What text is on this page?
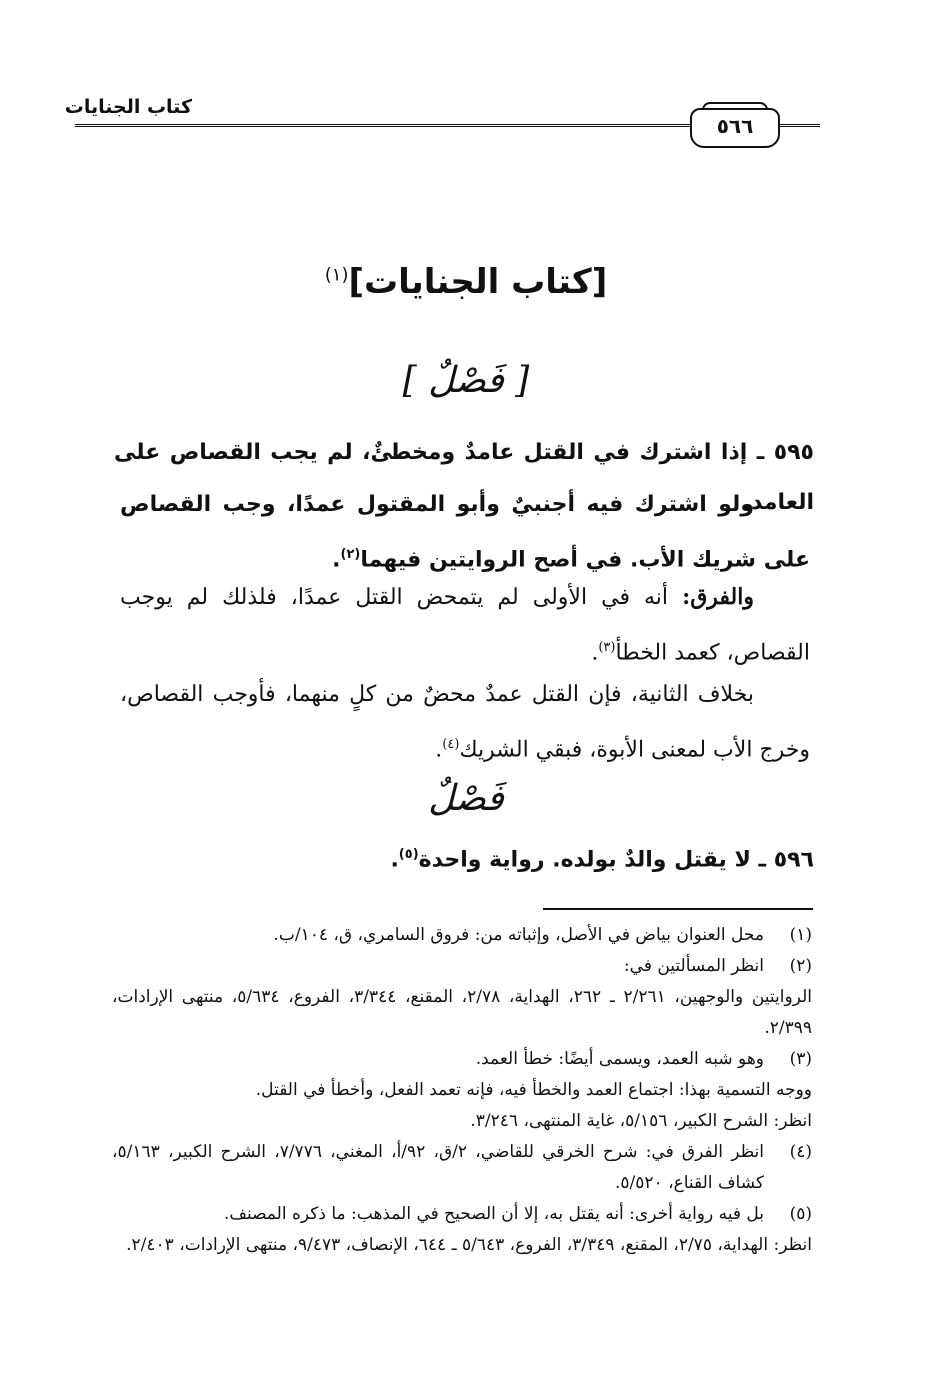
كتاب الجنايات
٥٦٦
[كتاب الجنايات]$^{(١)}$
[ فَصْلٌ ]
٥٩٥ ـ إذا اشترك في القتل عامدٌ ومخطئٌ، لم يجب القصاص على العامد.
ولو اشترك فيه أجنبيٌ وأبو المقتول عمدًا، وجب القصاص على شريك الأب. في أصح الروايتين فيهما$^{(٢)}$.
والفرق: أنه في الأولى لم يتمحض القتل عمدًا، فلذلك لم يوجب القصاص، كعمد الخطأ$^{(٣)}$.
بخلاف الثانية، فإن القتل عمدٌ محضٌ من كلٍ منهما، فأوجب القصاص، وخرج الأب لمعنى الأبوة، فبقي الشريك$^{(٤)}$.
فَصْلٌ
٥٩٦ ـ لا يقتل والدٌ بولده. رواية واحدة$^{(٥)}$.
(١)
محل العنوان بياض في الأصل، وإثباته من: فروق السامري، ق، ١٠٤/ب.
(٢)
انظر المسألتين في:
الروايتين والوجهين، ٢/٢٦١ ـ ٢٦٢، الهداية، ٢/٧٨، المقنع، ٣/٣٤٤، الفروع، ٥/٦٣٤، منتهى الإرادات، ٢/٣٩٩.
(٣)
وهو شبه العمد، ويسمى أيضًا: خطأ العمد.
ووجه التسمية بهذا: اجتماع العمد والخطأ فيه، فإنه تعمد الفعل، وأخطأ في القتل.
انظر: الشرح الكبير، ٥/١٥٦، غاية المنتهى، ٣/٢٤٦.
(٤)
انظر الفرق في: شرح الخرقي للقاضي، ٢/ق، ٩٢/أ، المغني، ٧/٧٧٦، الشرح الكبير، ٥/١٦٣، كشاف القناع، ٥/٥٢٠.
(٥)
بل فيه رواية أخرى: أنه يقتل به، إلا أن الصحيح في المذهب: ما ذكره المصنف.
انظر: الهداية، ٢/٧٥، المقنع، ٣/٣٤٩، الفروع، ٥/٦٤٣ ـ ٦٤٤، الإنصاف، ٩/٤٧٣، منتهى الإرادات، ٢/٤٠٣.
